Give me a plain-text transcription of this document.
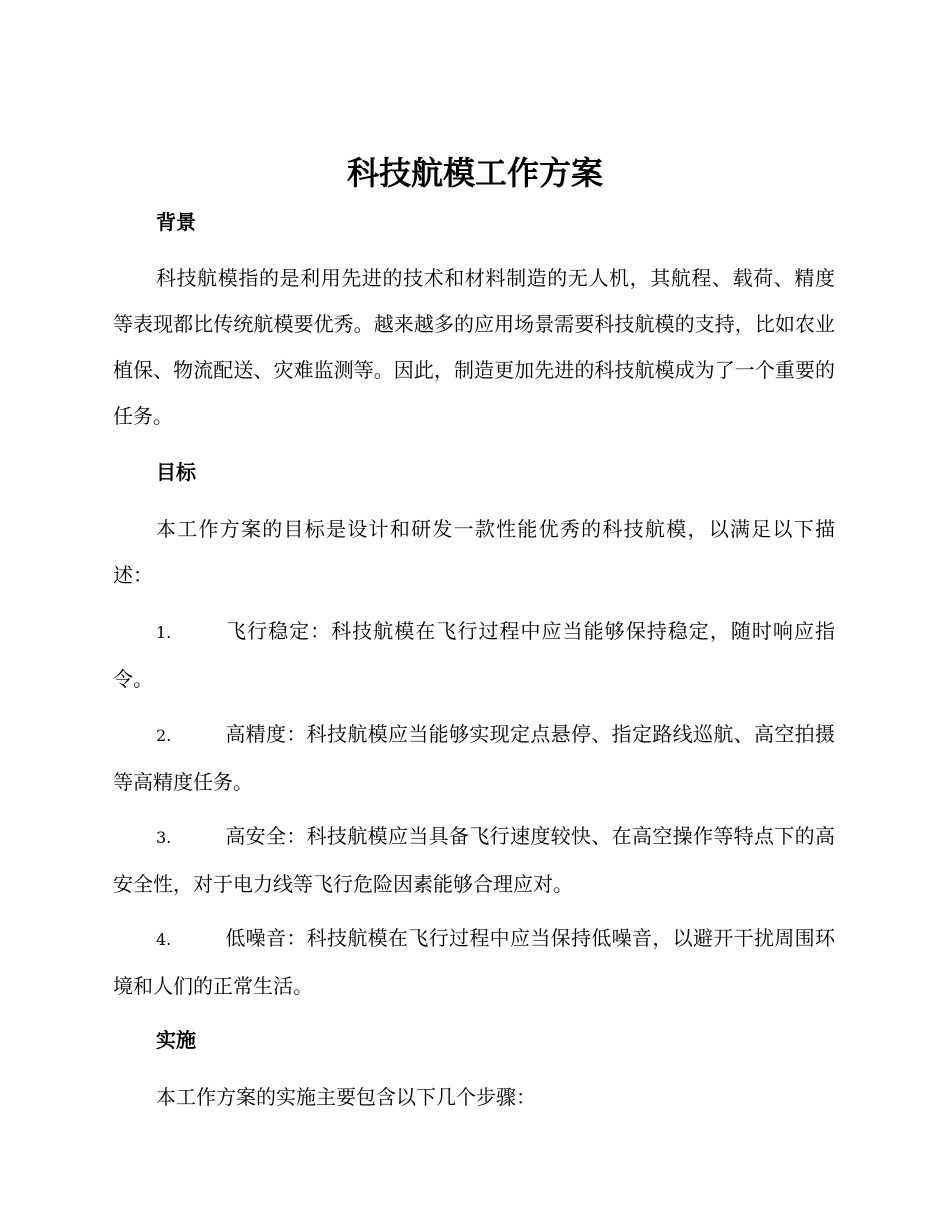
科技航模工作方案
背景

科技航模指的是利用先进的技术和材料制造的无人机，其航程、载荷、精度等表现都比传统航模要优秀。越来越多的应用场景需要科技航模的支持，比如农业植保、物流配送、灾难监测等。因此，制造更加先进的科技航模成为了一个重要的任务。

目标

本工作方案的目标是设计和研发一款性能优秀的科技航模，以满足以下描述：

1.	飞行稳定：科技航模在飞行过程中应当能够保持稳定，随时响应指令。

2.	高精度：科技航模应当能够实现定点悬停、指定路线巡航、高空拍摄等高精度任务。

3.	高安全：科技航模应当具备飞行速度较快、在高空操作等特点下的高安全性，对于电力线等飞行危险因素能够合理应对。

4.	低噪音：科技航模在飞行过程中应当保持低噪音，以避开干扰周围环境和人们的正常生活。

实施

本工作方案的实施主要包含以下几个步骤：
